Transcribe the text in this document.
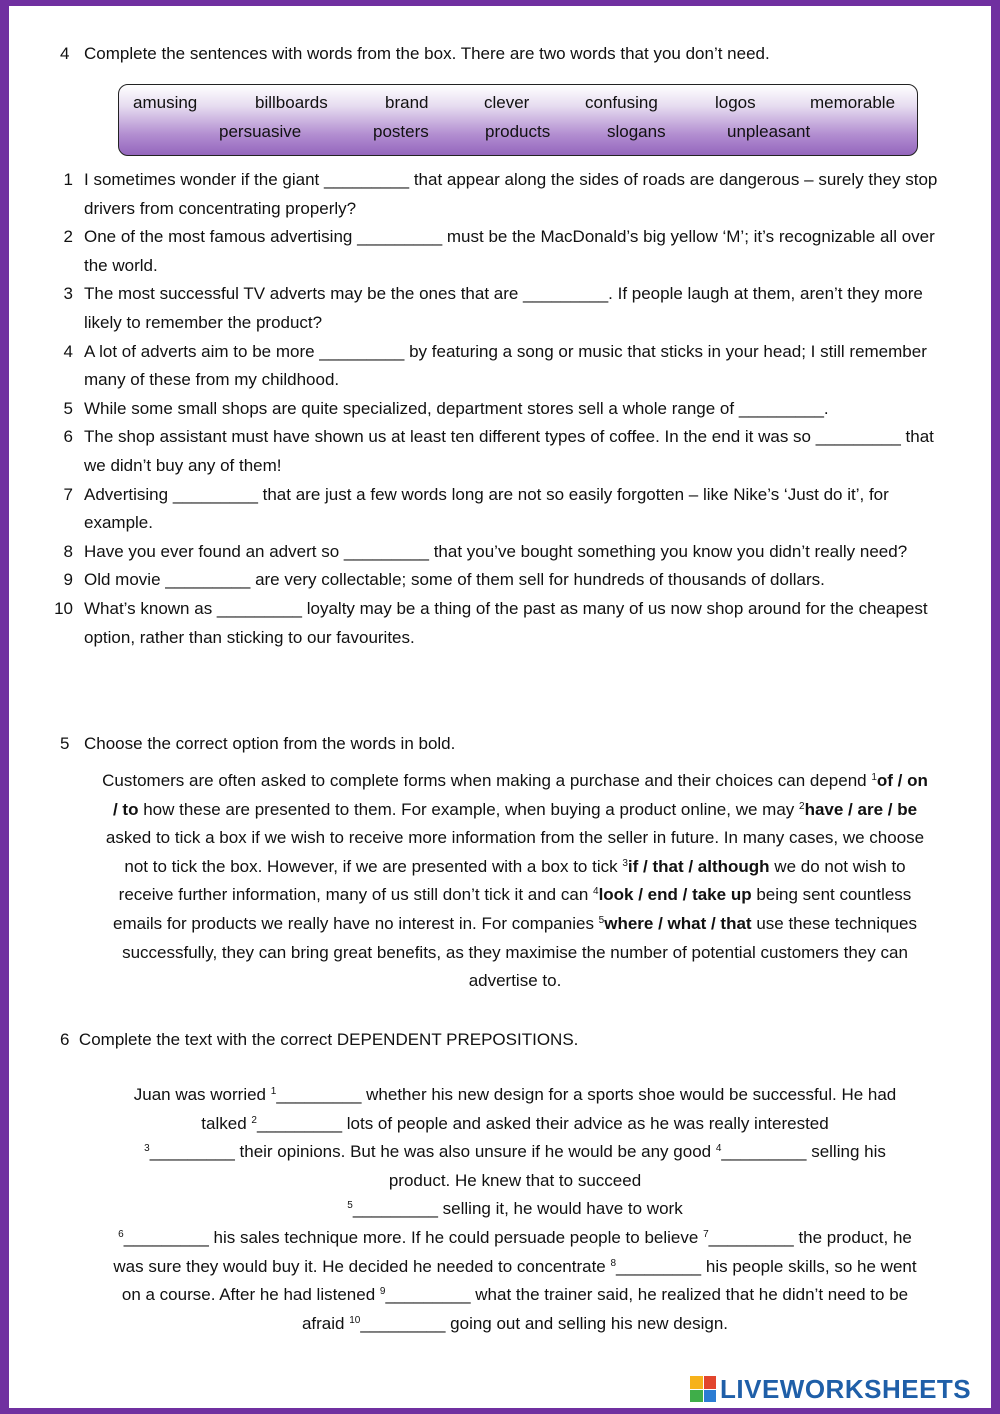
4 Complete the sentences with words from the box. There are two words that you don’t need.
amusing	billboards	brand	clever	confusing	logos	memorable
persuasive	posters	products	slogans	unpleasant
1 I sometimes wonder if the giant _________ that appear along the sides of roads are dangerous – surely they stop drivers from concentrating properly?
2 One of the most famous advertising _________ must be the MacDonald’s big yellow ‘M’; it’s recognizable all over the world.
3 The most successful TV adverts may be the ones that are _________. If people laugh at them, aren’t they more likely to remember the product?
4 A lot of adverts aim to be more _________ by featuring a song or music that sticks in your head; I still remember many of these from my childhood.
5 While some small shops are quite specialized, department stores sell a whole range of _________.
6 The shop assistant must have shown us at least ten different types of coffee. In the end it was so _________ that we didn’t buy any of them!
7 Advertising _________ that are just a few words long are not so easily forgotten – like Nike’s ‘Just do it’, for example.
8 Have you ever found an advert so _________ that you’ve bought something you know you didn’t really need?
9 Old movie _________ are very collectable; some of them sell for hundreds of thousands of dollars.
10 What’s known as _________ loyalty may be a thing of the past as many of us now shop around for the cheapest option, rather than sticking to our favourites.
5 Choose the correct option from the words in bold.
Customers are often asked to complete forms when making a purchase and their choices can depend $^1$of / on / to how these are presented to them. For example, when buying a product online, we may $^2$have / are / be asked to tick a box if we wish to receive more information from the seller in future. In many cases, we choose not to tick the box. However, if we are presented with a box to tick $^3$if / that / although we do not wish to receive further information, many of us still don’t tick it and can $^4$look / end / take up being sent countless emails for products we really have no interest in. For companies $^5$where / what / that use these techniques successfully, they can bring great benefits, as they maximise the number of potential customers they can advertise to.
6 Complete the text with the correct DEPENDENT PREPOSITIONS.
Juan was worried $^1$_________ whether his new design for a sports shoe would be successful. He had
talked $^2$_________ lots of people and asked their advice as he was really interested
$^3$_________ their opinions. But he was also unsure if he would be any good $^4$_________ selling his
product. He knew that to succeed
$^5$_________ selling it, he would have to work
$^6$_________ his sales technique more. If he could persuade people to believe $^7$_________ the product, he
was sure they would buy it. He decided he needed to concentrate $^8$_________ his people skills, so he went
on a course. After he had listened $^9$_________ what the trainer said, he realized that he didn’t need to be
afraid $^{10}$_________ going out and selling his new design.
LIVEWORKSHEETS
